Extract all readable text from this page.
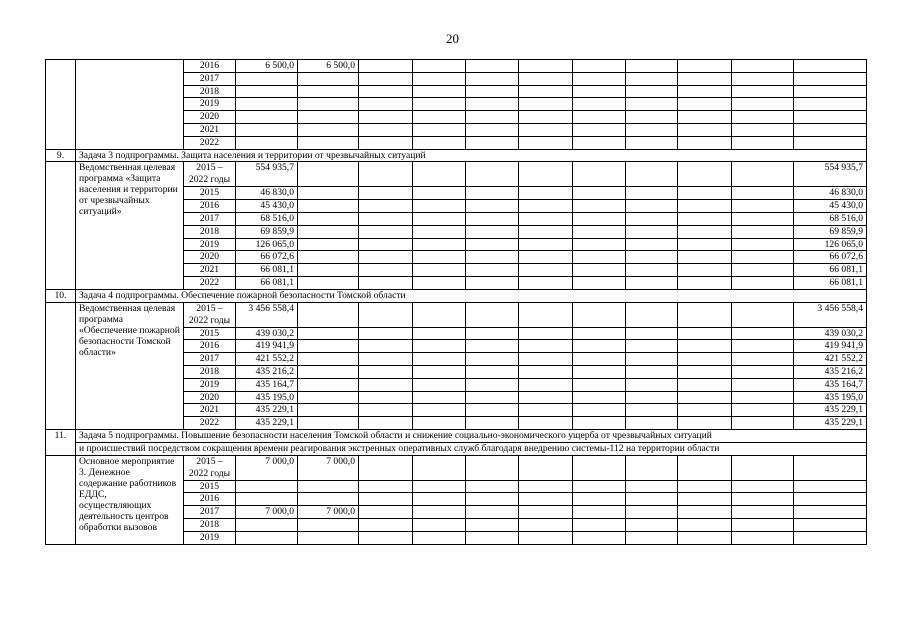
20
		2016	6 500,0	6 500,0									
		2017											
		2018											
		2019											
		2020											
		2021											
		2022											
9.	Задача 3 подпрограммы. Защита населения и территории от чрезвычайных ситуаций												
	Ведомственная целевая программа «Защита населения и территории от чрезвычайных ситуаций»	2015 – 2022 годы	554 935,7										554 935,7
		2015	46 830,0										46 830,0
		2016	45 430,0										45 430,0
		2017	68 516,0										68 516,0
		2018	69 859,9										69 859,9
		2019	126 065,0										126 065,0
		2020	66 072,6										66 072,6
		2021	66 081,1										66 081,1
		2022	66 081,1										66 081,1
10.	Задача 4 подпрограммы. Обеспечение пожарной безопасности Томской области												
	Ведомственная целевая программа «Обеспечение пожарной безопасности Томской области»	2015 – 2022 годы	3 456 558,4										3 456 558,4
		2015	439 030,2										439 030,2
		2016	419 941,9										419 941,9
		2017	421 552,2										421 552,2
		2018	435 216,2										435 216,2
		2019	435 164,7										435 164,7
		2020	435 195,0										435 195,0
		2021	435 229,1										435 229,1
		2022	435 229,1										435 229,1
11.	Задача 5 подпрограммы. Повышение безопасности населения Томской области и снижение социально-экономического ущерба от чрезвычайных ситуаций												
	и происшествий посредством сокращения времени реагирования экстренных оперативных служб благодаря внедрению системы-112 на территории области												
	Основное мероприятие 3. Денежное содержание работников ЕДДС, осуществляющих деятельность центров обработки вызовов	2015 – 2022 годы	7 000,0	7 000,0									
		2015											
		2016											
		2017	7 000,0	7 000,0									
		2018											
		2019											
